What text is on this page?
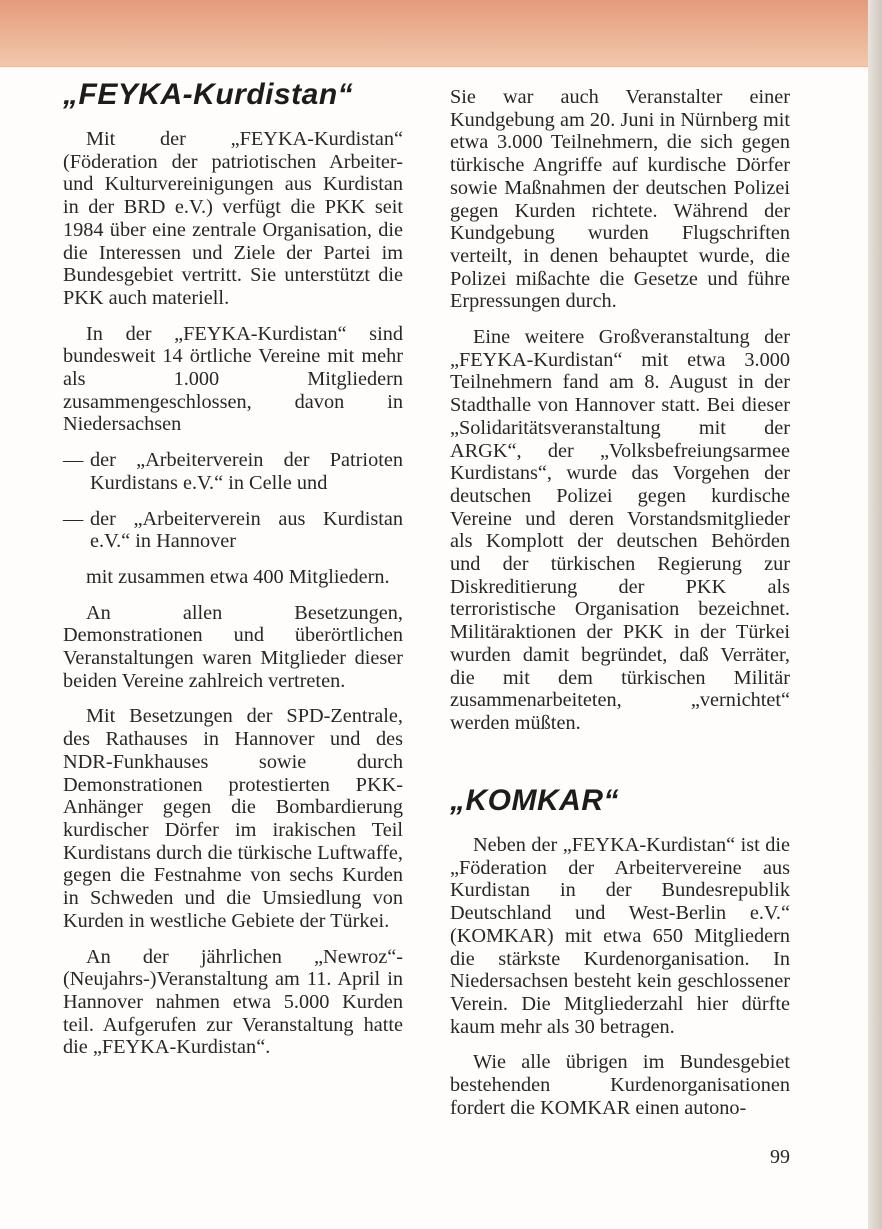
„FEYKA-Kurdistan“

Mit der „FEYKA-Kurdistan“ (Föderation der patriotischen Arbeiter- und Kulturvereinigungen aus Kurdistan in der BRD e.V.) verfügt die PKK seit 1984 über eine zentrale Organisation, die die Interessen und Ziele der Partei im Bundesgebiet vertritt. Sie unterstützt die PKK auch materiell.

In der „FEYKA-Kurdistan“ sind bundesweit 14 örtliche Vereine mit mehr als 1.000 Mitgliedern zusammengeschlossen, davon in Niedersachsen

— der „Arbeiterverein der Patrioten Kurdistans e.V.“ in Celle und
— der „Arbeiterverein aus Kurdistan e.V.“ in Hannover

mit zusammen etwa 400 Mitgliedern.

An allen Besetzungen, Demonstrationen und überörtlichen Veranstaltungen waren Mitglieder dieser beiden Vereine zahlreich vertreten.

Mit Besetzungen der SPD-Zentrale, des Rathauses in Hannover und des NDR-Funkhauses sowie durch Demonstrationen protestierten PKK-Anhänger gegen die Bombardierung kurdischer Dörfer im irakischen Teil Kurdistans durch die türkische Luftwaffe, gegen die Festnahme von sechs Kurden in Schweden und die Umsiedlung von Kurden in westliche Gebiete der Türkei.

An der jährlichen „Newroz“-(Neujahrs-)Veranstaltung am 11. April in Hannover nahmen etwa 5.000 Kurden teil. Aufgerufen zur Veranstaltung hatte die „FEYKA-Kurdistan“.

Sie war auch Veranstalter einer Kundgebung am 20. Juni in Nürnberg mit etwa 3.000 Teilnehmern, die sich gegen türkische Angriffe auf kurdische Dörfer sowie Maßnahmen der deutschen Polizei gegen Kurden richtete. Während der Kundgebung wurden Flugschriften verteilt, in denen behauptet wurde, die Polizei mißachte die Gesetze und führe Erpressungen durch.

Eine weitere Großveranstaltung der „FEYKA-Kurdistan“ mit etwa 3.000 Teilnehmern fand am 8. August in der Stadthalle von Hannover statt. Bei dieser „Solidaritätsveranstaltung mit der ARGK“, der „Volksbefreiungsarmee Kurdistans“, wurde das Vorgehen der deutschen Polizei gegen kurdische Vereine und deren Vorstandsmitglieder als Komplott der deutschen Behörden und der türkischen Regierung zur Diskreditierung der PKK als terroristische Organisation bezeichnet. Militäraktionen der PKK in der Türkei wurden damit begründet, daß Verräter, die mit dem türkischen Militär zusammenarbeiteten, „vernichtet“ werden müßten.

„KOMKAR“

Neben der „FEYKA-Kurdistan“ ist die „Föderation der Arbeitervereine aus Kurdistan in der Bundesrepublik Deutschland und West-Berlin e.V.“ (KOMKAR) mit etwa 650 Mitgliedern die stärkste Kurdenorganisation. In Niedersachsen besteht kein geschlossener Verein. Die Mitgliederzahl hier dürfte kaum mehr als 30 betragen.

Wie alle übrigen im Bundesgebiet bestehenden Kurdenorganisationen fordert die KOMKAR einen autono-

99
